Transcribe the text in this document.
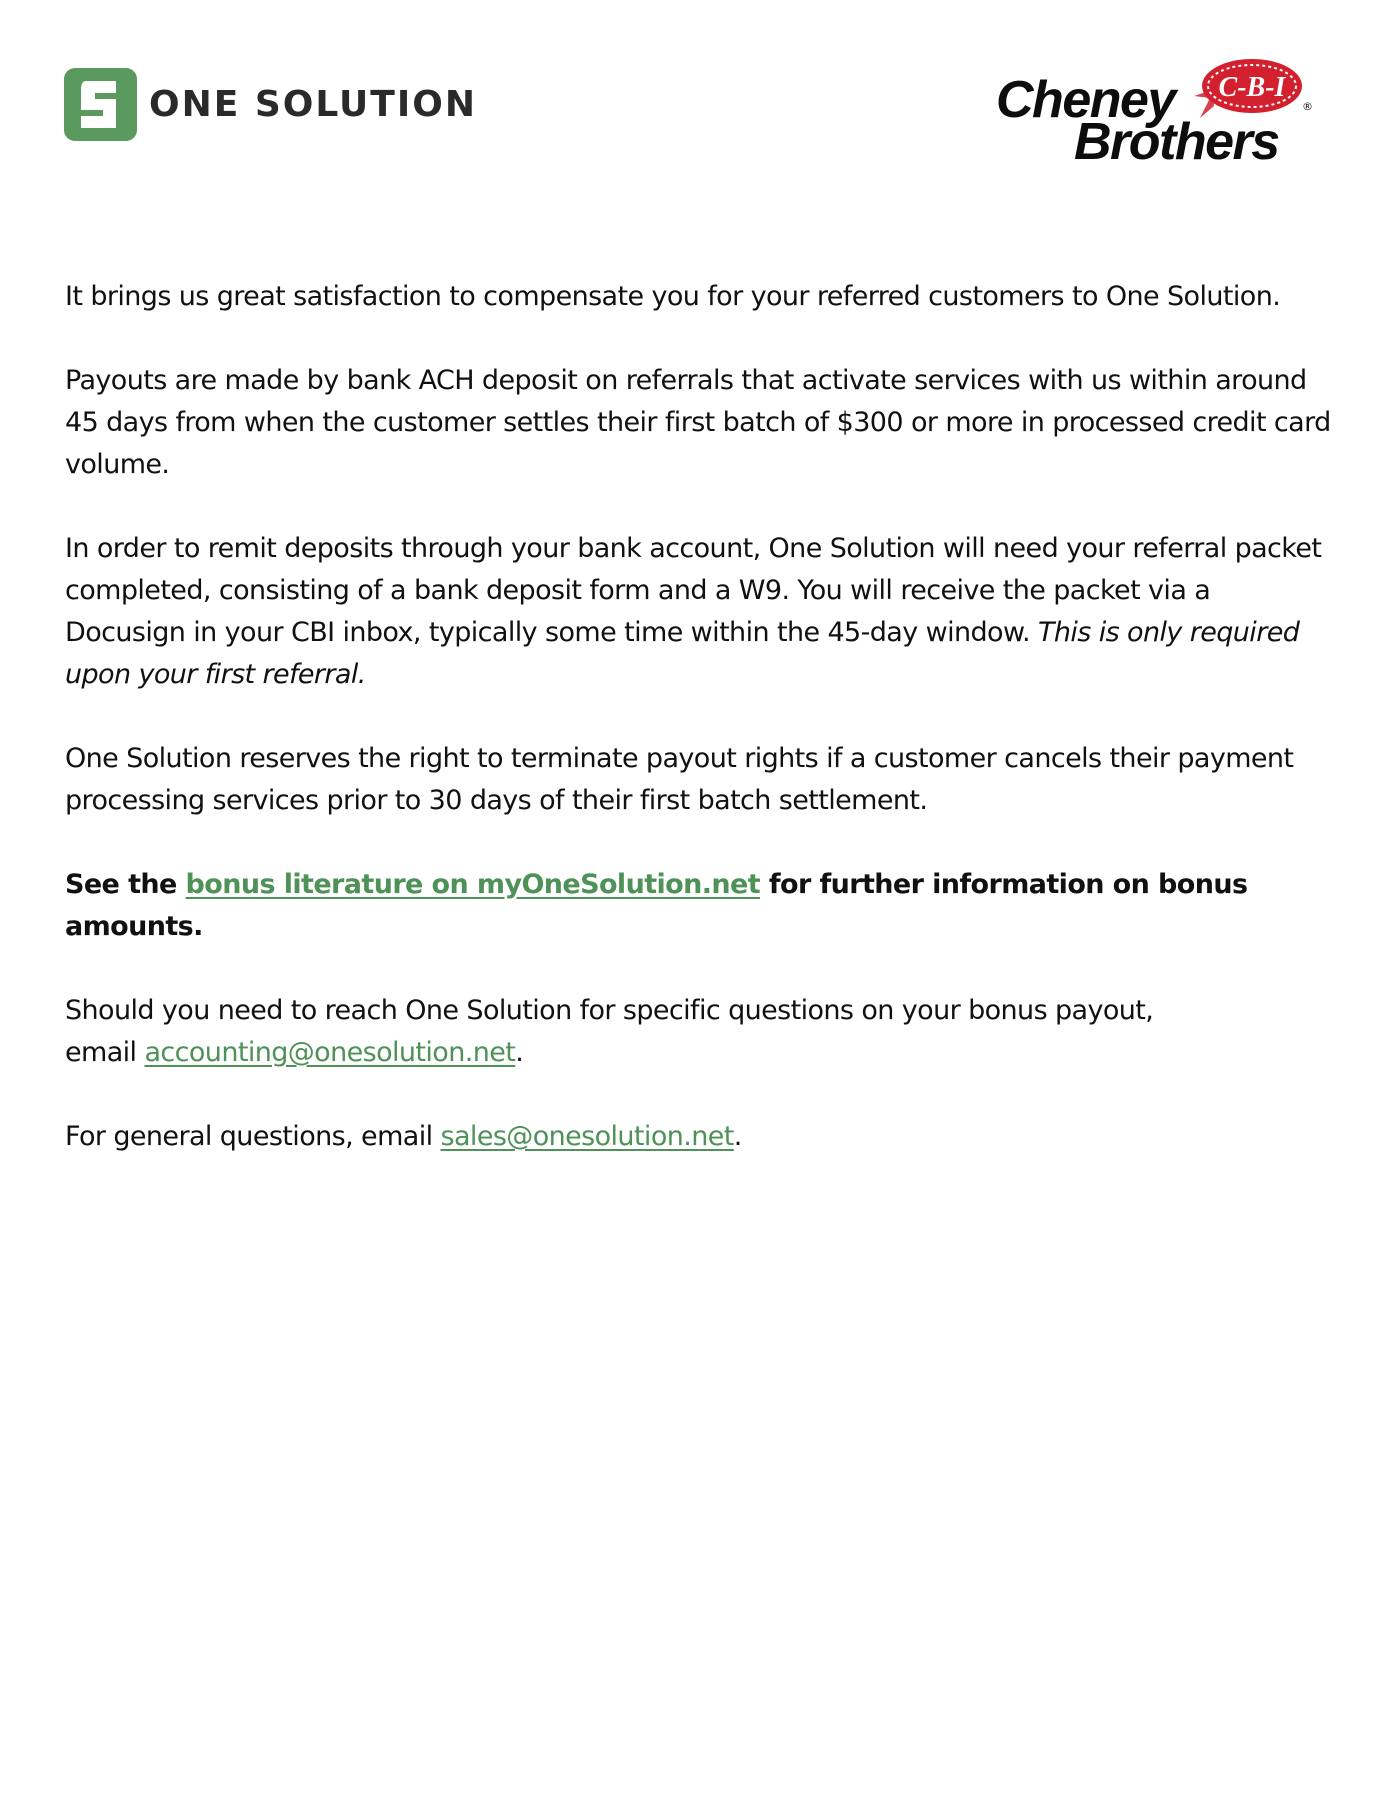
ONE SOLUTION	Cheney
Brothers
C-B-I
®

It brings us great satisfaction to compensate you for your referred customers to One Solution.

Payouts are made by bank ACH deposit on referrals that activate services with us within around 45 days from when the customer settles their first batch of $300 or more in processed credit card volume.

In order to remit deposits through your bank account, One Solution will need your referral packet completed, consisting of a bank deposit form and a W9. You will receive the packet via a Docusign in your CBI inbox, typically some time within the 45-day window. This is only required upon your first referral.

One Solution reserves the right to terminate payout rights if a customer cancels their payment processing services prior to 30 days of their first batch settlement.

See the bonus literature on myOneSolution.net for further information on bonus amounts.

Should you need to reach One Solution for specific questions on your bonus payout,
email accounting@onesolution.net.

For general questions, email sales@onesolution.net.
